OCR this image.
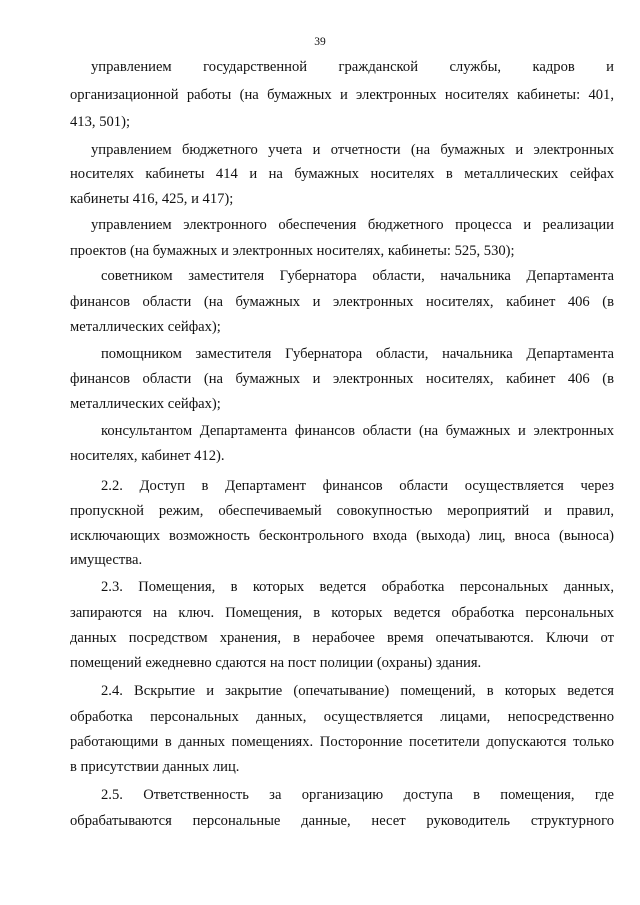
39
управлением государственной гражданской службы, кадров и
организационной работы (на бумажных и электронных носителях кабинеты: 401,
413, 501);
управлением бюджетного учета и отчетности (на бумажных и электронных
носителях кабинеты 414 и на бумажных носителях в металлических сейфах
кабинеты 416, 425, и 417);
управлением электронного обеспечения бюджетного процесса и реализации
проектов (на бумажных и электронных носителях, кабинеты: 525, 530);
советником заместителя Губернатора области, начальника Департамента
финансов области (на бумажных и электронных носителях, кабинет 406 (в
металлических сейфах);
помощником заместителя Губернатора области, начальника Департамента
финансов области (на бумажных и электронных носителях, кабинет 406 (в
металлических сейфах);
консультантом Департамента финансов области (на бумажных и электронных
носителях, кабинет 412).
2.2. Доступ в Департамент финансов области осуществляется через
пропускной режим, обеспечиваемый совокупностью мероприятий и правил,
исключающих возможность бесконтрольного входа (выхода) лиц, вноса (выноса)
имущества.
2.3. Помещения, в которых ведется обработка персональных данных,
запираются на ключ. Помещения, в которых ведется обработка персональных
данных посредством хранения, в нерабочее время опечатываются. Ключи от
помещений ежедневно сдаются на пост полиции (охраны) здания.
2.4. Вскрытие и закрытие (опечатывание) помещений, в которых ведется
обработка персональных данных, осуществляется лицами, непосредственно
работающими в данных помещениях. Посторонние посетители допускаются только
в присутствии данных лиц.
2.5. Ответственность за организацию доступа в помещения, где
обрабатываются персональные данные, несет руководитель структурного
